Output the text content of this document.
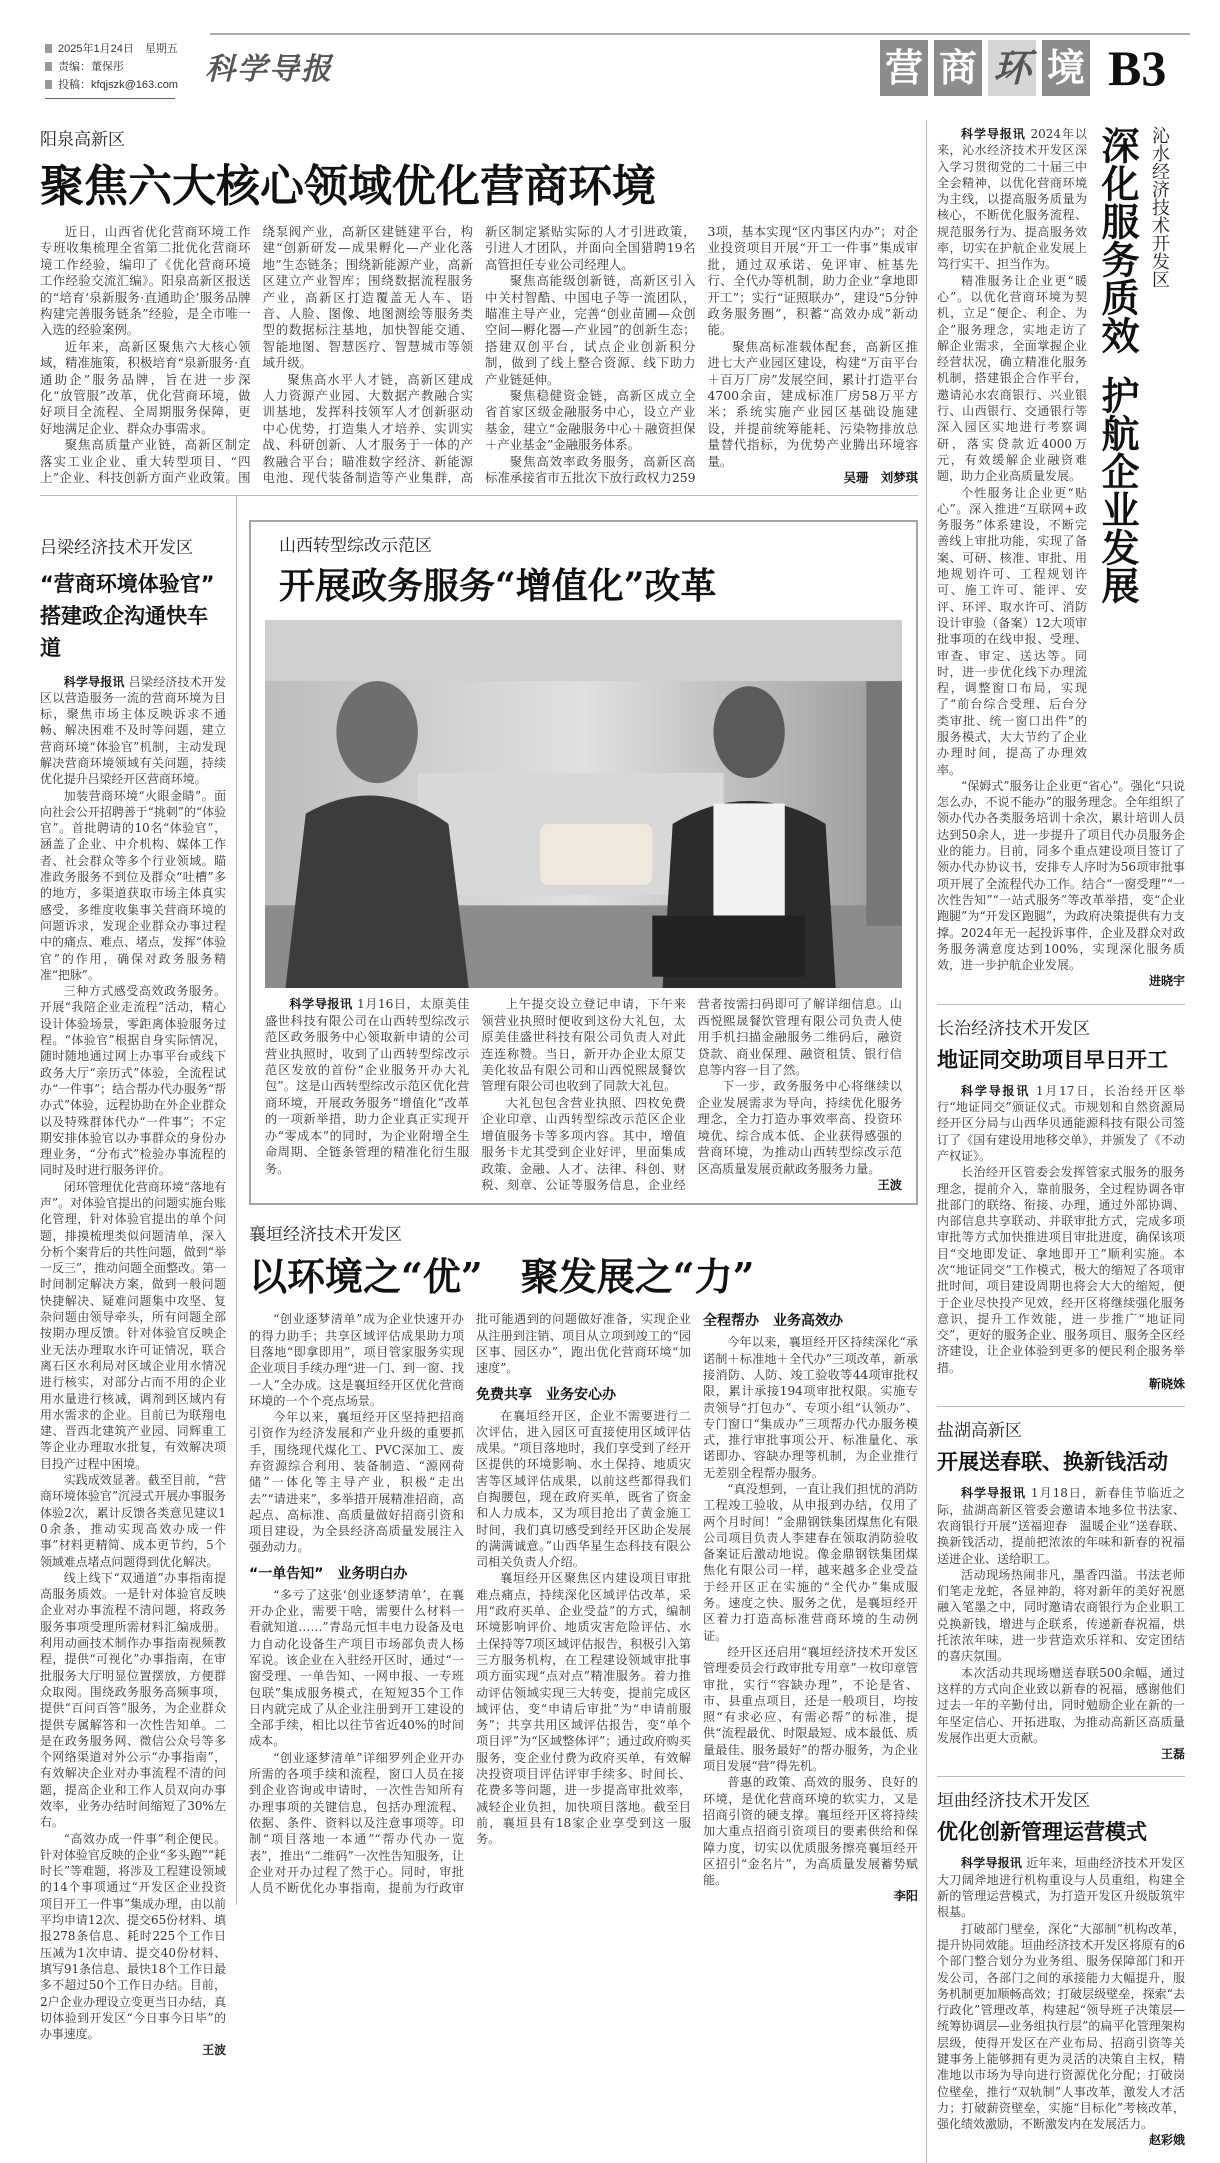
2025年1月24日　星期五
责编：董保彤
投稿：kfqjszk@163.com 科学导报	营 商 环 境 B3
阳泉高新区
聚焦六大核心领域优化营商环境

近日，山西省优化营商环境工作专班收集梳理全省第二批优化营商环境工作经验，编印了《优化营商环境工作经验交流汇编》。阳泉高新区报送的“培育‘泉新服务·直通助企’服务品牌　构建完善服务链条”经验，是全市唯一入选的经验案例。

近年来，高新区聚焦六大核心领域，精准施策，积极培育“泉新服务·直通助企”服务品牌，旨在进一步深化“放管服”改革，优化营商环境，做好项目全流程、全周期服务保障，更好地满足企业、群众办事需求。

聚焦高质量产业链，高新区制定落实工业企业、重大转型项目、“四上”企业、科技创新方面产业政策。围绕泵阀产业，高新区建链建平台，构建“创新研发—成果孵化—产业化落地”生态链条；围绕新能源产业，高新区建立产业智库；围绕数据流程服务产业，高新区打造覆盖无人车、语音、人脸、图像、地图测绘等服务类型的数据标注基地，加快智能交通、智能地图、智慧医疗、智慧城市等领域升级。

聚焦高水平人才链，高新区建成人力资源产业园、大数据产教融合实训基地，发挥科技领军人才创新驱动中心优势，打造集人才培养、实训实战、科研创新、人才服务于一体的产教融合平台；瞄准数字经济、新能源电池、现代装备制造等产业集群，高新区制定紧贴实际的人才引进政策，引进人才团队，并面向全国猎聘19名高管担任专业公司经理人。

聚焦高能级创新链，高新区引入中关村智酷、中国电子等一流团队，瞄准主导产业，完善“创业苗圃—众创空间—孵化器—产业园”的创新生态；搭建双创平台，试点企业创新积分制，做到了线上整合资源、线下助力产业链延伸。

聚焦稳健资金链，高新区成立全省首家区级金融服务中心，设立产业基金，建立“金融服务中心＋融资担保＋产业基金”金融服务体系。

聚焦高效率政务服务，高新区高标准承接省市五批次下放行政权力2593项，基本实现“区内事区内办”；对企业投资项目开展“开工一件事”集成审批，通过双承诺、免评审、桩基先行、全代办等机制，助力企业“拿地即开工”；实行“证照联办”，建设“5分钟政务服务圈”，积蓄“高效办成”新动能。

聚焦高标准载体配套，高新区推进七大产业园区建设，构建“万亩平台＋百万厂房”发展空间，累计打造平台4700余亩，建成标准厂房58万平方米；系统实施产业园区基础设施建设，并提前统筹能耗、污染物排放总量替代指标，为优势产业腾出环境容量。

吴珊　刘梦琪
吕梁经济技术开发区
“营商环境体验官”
搭建政企沟通快车道

科学导报讯 吕梁经济技术开发区以营造服务一流的营商环境为目标，聚焦市场主体反映诉求不通畅、解决困难不及时等问题，建立营商环境“体验官”机制，主动发现解决营商环境领域有关问题，持续优化提升吕梁经开区营商环境。

加装营商环境“火眼金睛”。面向社会公开招聘善于“挑刺”的“体验官”。首批聘请的10名“体验官”，涵盖了企业、中介机构、媒体工作者、社会群众等多个行业领域。瞄准政务服务不到位及群众“吐槽”多的地方，多渠道获取市场主体真实感受，多维度收集事关营商环境的问题诉求，发现企业群众办事过程中的痛点、难点、堵点，发挥“体验官”的作用，确保对政务服务精准“把脉”。

三种方式感受高效政务服务。开展“我陪企业走流程”活动，精心设计体验场景，零距离体验服务过程。“体验官”根据自身实际情况，随时随地通过网上办事平台或线下政务大厅“亲历式”体验，全流程试办“一件事”；结合帮办代办服务“帮办式”体验，远程协助在外企业群众以及特殊群体代办“一件事”；不定期安排体验官以办事群众的身份办理业务，“分布式”检验办事流程的同时及时进行服务评价。

闭环管理优化营商环境“落地有声”。对体验官提出的问题实施台账化管理，针对体验官提出的单个问题，排摸梳理类似问题清单，深入分析个案背后的共性问题，做到“举一反三”，推动问题全面整改。第一时间制定解决方案，做到一般问题快捷解决、疑难问题集中攻坚、复杂问题由领导牵头，所有问题全部按期办理反馈。针对体验官反映企业无法办理取水许可证情况，联合离石区水利局对区域企业用水情况进行核实，对部分占而不用的企业用水量进行核减，调剂到区域内有用水需求的企业。目前已为联翔电建、晋西北建筑产业园、同辉重工等企业办理取水批复，有效解决项目投产过程中困境。

实践成效显著。截至目前，“营商环境体验官”沉浸式开展办事服务体验2次，累计反馈各类意见建议10余条，推动实现高效办成一件事”材料更精简、成本更节约，5个领域难点堵点问题得到优化解决。

线上线下“双通道”办事指南提高服务质效。一是针对体验官反映企业对办事流程不清问题，将政务服务事项受理所需材料汇编成册。利用动画技术制作办事指南视频教程，提供“可视化”办事指南，在审批服务大厅明显位置摆放，方便群众取阅。围绕政务服务高频事项，提供“百问百答”服务，为企业群众提供专属解答和一次性告知单。二是在政务服务网、微信公众号等多个网络渠道对外公示“办事指南”，有效解决企业对办事流程不清的问题，提高企业和工作人员双向办事效率，业务办结时间缩短了30%左右。

“高效办成一件事”利企便民。针对体验官反映的企业“多头跑”“耗时长”等难题，将涉及工程建设领域的14个事项通过“开发区企业投资项目开工一件事”集成办理，由以前平均申请12次、提交65份材料、填报278条信息、耗时225个工作日压减为1次申请、提交40份材料、填写91条信息、最快18个工作日最多不超过50个工作日办结。目前，2户企业办理设立变更当日办结，真切体验到开发区“今日事今日毕”的办事速度。

王波
山西转型综改示范区
开展政务服务“增值化”改革

科学导报讯 1月16日，太原美佳盛世科技有限公司在山西转型综改示范区政务服务中心领取新申请的公司营业执照时，收到了山西转型综改示范区发放的首份“企业服务开办大礼包”。这是山西转型综改示范区优化营商环境，开展政务服务“增值化”改革的一项新举措，助力企业真正实现开办“零成本”的同时，为企业附增全生命周期、全链条管理的精准化衍生服务。

上午提交设立登记申请，下午来领营业执照时便收到这份大礼包，太原美佳盛世科技有限公司负责人对此连连称赞。当日，新开办企业太原艾美化妆品有限公司和山西悦熙晟餐饮管理有限公司也收到了同款大礼包。

大礼包包含营业执照、四枚免费企业印章、山西转型综改示范区企业增值服务卡等多项内容。其中，增值服务卡尤其受到企业好评，里面集成政策、金融、人才、法律、科创、财税、刻章、公证等服务信息，企业经营者按需扫码即可了解详细信息。山西悦熙晟餐饮管理有限公司负责人使用手机扫描金融服务二维码后，融资贷款、商业保理、融资租赁、银行信息等内容一目了然。

下一步，政务服务中心将继续以企业发展需求为导向，持续优化服务理念，全力打造办事效率高、投资环境优、综合成本低、企业获得感强的营商环境，为推动山西转型综改示范区高质量发展贡献政务服务力量。

王波
襄垣经济技术开发区
以环境之“优”　聚发展之“力”

“创业逐梦清单”成为企业快速开办的得力助手；共享区域评估成果助力项目落地“即拿即用”，项目管家服务实现企业项目手续办理“进一门、到一窗、找一人”全办成。这是襄垣经开区优化营商环境的一个个亮点场景。

今年以来，襄垣经开区坚持把招商引资作为经济发展和产业升级的重要抓手，围绕现代煤化工、PVC深加工、废弃资源综合利用、装备制造、“源网荷储”一体化等主导产业，积极“走出去”“请进来”，多举措开展精准招商，高起点、高标准、高质量做好招商引资和项目建设，为全县经济高质量发展注入强劲动力。

“一单告知”　业务明白办

“多亏了这张‘创业逐梦清单’，在襄开办企业，需要干啥，需要什么材料一看就知道……”青岛元恒丰电力设备及电力自动化设备生产项目市场部负责人杨军说。该企业在入驻经开区时，通过“一窗受理、一单告知、一网申报、一专班包联”集成服务模式，在短短35个工作日内就完成了从企业注册到开工建设的全部手续，相比以往节省近40%的时间成本。

“创业逐梦清单”详细罗列企业开办所需的各项手续和流程，窗口人员在接到企业咨询或申请时，一次性告知所有办理事项的关键信息，包括办理流程、依据、条件、资料以及注意事项等。印制“项目落地一本通”“帮办代办一览表”，推出“二维码”一次性告知服务，让企业对开办过程了然于心。同时，审批人员不断优化办事指南，提前为行政审批可能遇到的问题做好准备，实现企业从注册到注销、项目从立项到竣工的“园区事、园区办”，跑出优化营商环境“加速度”。

免费共享　业务安心办

在襄垣经开区，企业不需要进行二次评估，进入园区可直接使用区域评估成果。“项目落地时，我们享受到了经开区提供的环境影响、水土保持、地质灾害等区域评估成果，以前这些都得我们自掏腰包，现在政府买单，既省了资金和人力成本，又为项目抢出了黄金施工时间，我们真切感受到经开区助企发展的满满诚意。”山西华星生态科技有限公司相关负责人介绍。

襄垣经开区聚焦区内建设项目审批难点痛点，持续深化区域评估改革，采用“政府买单、企业受益”的方式，编制环境影响评价、地质灾害危险评估、水土保持等7项区域评估报告，积极引入第三方服务机构，在工程建设领域审批事项方面实现“点对点”精准服务。着力推动评估领域实现三大转变，提前完成区域评估，变“申请后审批”为“申请前服务”；共享共用区域评估报告，变“单个项目评”为“区域整体评”；通过政府购买服务，变企业付费为政府买单，有效解决投资项目评估评审手续多、时间长、花费多等问题，进一步提高审批效率，减轻企业负担，加快项目落地。截至目前，襄垣县有18家企业享受到这一服务。

全程帮办　业务高效办

今年以来，襄垣经开区持续深化“承诺制＋标准地＋全代办”三项改革，新承接消防、人防、竣工验收等44项审批权限，累计承接194项审批权限。实施专责领导“打包办”、专项小组“认领办”、专门窗口“集成办”三项帮办代办服务模式，推行审批事项公开、标准量化、承诺即办、容缺办理等机制，为企业推行无差别全程帮办服务。

“真没想到，一直让我们担忧的消防工程竣工验收，从申报到办结，仅用了两个月时间！”金鼎钢铁集团煤焦化有限公司项目负责人李建春在领取消防验收备案证后激动地说。像金鼎钢铁集团煤焦化有限公司一样，越来越多企业受益于经开区正在实施的“全代办”集成服务。速度之快、服务之优，是襄垣经开区着力打造高标准营商环境的生动例证。

经开区还启用“襄垣经济技术开发区管理委员会行政审批专用章”一枚印章管审批，实行“容缺办理”，不论是省、市、县重点项目，还是一般项目，均按照“有求必应、有需必帮”的标准，提供“流程最优、时限最短、成本最低、质量最佳、服务最好”的帮办服务，为企业项目发展“营”得先机。

普惠的政策、高效的服务、良好的环境，是优化营商环境的软实力，又是招商引资的硬支撑。襄垣经开区将持续加大重点招商引资项目的要素供给和保障力度，切实以优质服务擦亮襄垣经开区招引“金名片”，为高质量发展蓄势赋能。

李阳

科学导报讯 2024年以来，沁水经济技术开发区深入学习贯彻党的二十届三中全会精神，以优化营商环境为主线，以提高服务质量为核心，不断优化服务流程、规范服务行为、提高服务效率，切实在护航企业发展上笃行实干、担当作为。

精准服务让企业更“暖心”。以优化营商环境为契机，立足“便企、利企、为企”服务理念，实地走访了解企业需求，全面掌握企业经营状况，确立精准化服务机制，搭建银企合作平台，邀请沁水农商银行、兴业银行、山西银行、交通银行等深入园区实地进行考察调研，落实贷款近4000万元，有效缓解企业融资难题，助力企业高质量发展。

个性服务让企业更“贴心”。深入推进“互联网+政务服务”体系建设，不断完善线上审批功能，实现了备案、可研、核准、审批、用地规划许可、工程规划许可、施工许可、能评、安评、环评、取水许可、消防设计审验（备案）12大项审批事项的在线申报、受理、审查、审定、送达等。同时，进一步优化线下办理流程，调整窗口布局，实现了“前台综合受理、后台分类审批、统一窗口出件”的服务模式，大大节约了企业办理时间，提高了办理效率。

深化服务质效
护航企业发展
沁水经济技术开发区

“保姆式”服务让企业更“省心”。强化“只说怎么办，不说不能办”的服务理念。全年组织了领办代办各类服务培训十余次，累计培训人员达到50余人，进一步提升了项目代办员服务企业的能力。目前，同多个重点建设项目签订了领办代办协议书，安排专人序时为56项审批事项开展了全流程代办工作。结合“一窗受理”“一次性告知”“一站式服务”等改革举措，变“企业跑腿”为“开发区跑腿”，为政府决策提供有力支撑。2024年无一起投诉事件，企业及群众对政务服务满意度达到100%，实现深化服务质效，进一步护航企业发展。

进晓宇
长治经济技术开发区
地证同交助项目早日开工

科学导报讯 1月17日，长治经开区举行“地证同交”颁证仪式。市规划和自然资源局经开区分局与山西华贝通能源科技有限公司签订了《国有建设用地移交单》，并颁发了《不动产权证》。

长治经开区管委会发挥管家式服务的服务理念，提前介入，靠前服务，全过程协调各审批部门的联络、衔接、办理，通过外部协调、内部信息共享联动、并联审批方式，完成多项审批等方式加快推进项目审批进度，确保该项目“交地即发证、拿地即开工”顺利实施。本次“地证同交”工作模式，极大的缩短了各项审批时间，项目建设周期也将会大大的缩短，便于企业尽快投产见效，经开区将继续强化服务意识，提升工作效能，进一步推广“地证同交”，更好的服务企业、服务项目、服务全区经济建设，让企业体验到更多的便民利企服务举措。

靳晓姝
盐湖高新区
开展送春联、换新钱活动

科学导报讯 1月18日，新春佳节临近之际，盐湖高新区管委会邀请本地多位书法家、农商银行开展“送福迎春　温暖企业”送春联、换新钱活动，提前把浓浓的年味和新春的祝福送进企业、送给职工。

活动现场热闹非凡，墨香四溢。书法老师们笔走龙蛇，各显神韵，将对新年的美好祝愿融入笔墨之中，同时邀请农商银行为企业职工兑换新钱，增进与企联系，传递新春祝福，烘托浓浓年味，进一步营造欢乐祥和、安定团结的喜庆氛围。

本次活动共现场赠送春联500余幅，通过这样的方式向企业致以新春的祝福，感谢他们过去一年的辛勤付出，同时勉励企业在新的一年坚定信心、开拓进取，为推动高新区高质量发展作出更大贡献。

王磊
垣曲经济技术开发区
优化创新管理运营模式

科学导报讯 近年来，垣曲经济技术开发区大刀阔斧地进行机构重设与人员重组，构建全新的管理运营模式，为打造开发区升级版筑牢根基。

打破部门壁垒，深化“大部制”机构改革，提升协同效能。垣曲经济技术开发区将原有的6个部门整合划分为业务组、服务保障部门和开发公司，各部门之间的承接能力大幅提升，服务机制更加顺畅高效；打破层级壁垒，探索“去行政化”管理改革，构建起“领导班子决策层—统筹协调层—业务组执行层”的扁平化管理架构层级，使得开发区在产业布局、招商引资等关键事务上能够拥有更为灵活的决策自主权，精准地以市场为导向进行资源优化分配；打破岗位壁垒，推行“双轨制”人事改革，激发人才活力；打破薪资壁垒，实施“目标化”考核改革，强化绩效激励，不断激发内在发展活力。

赵彩娥
